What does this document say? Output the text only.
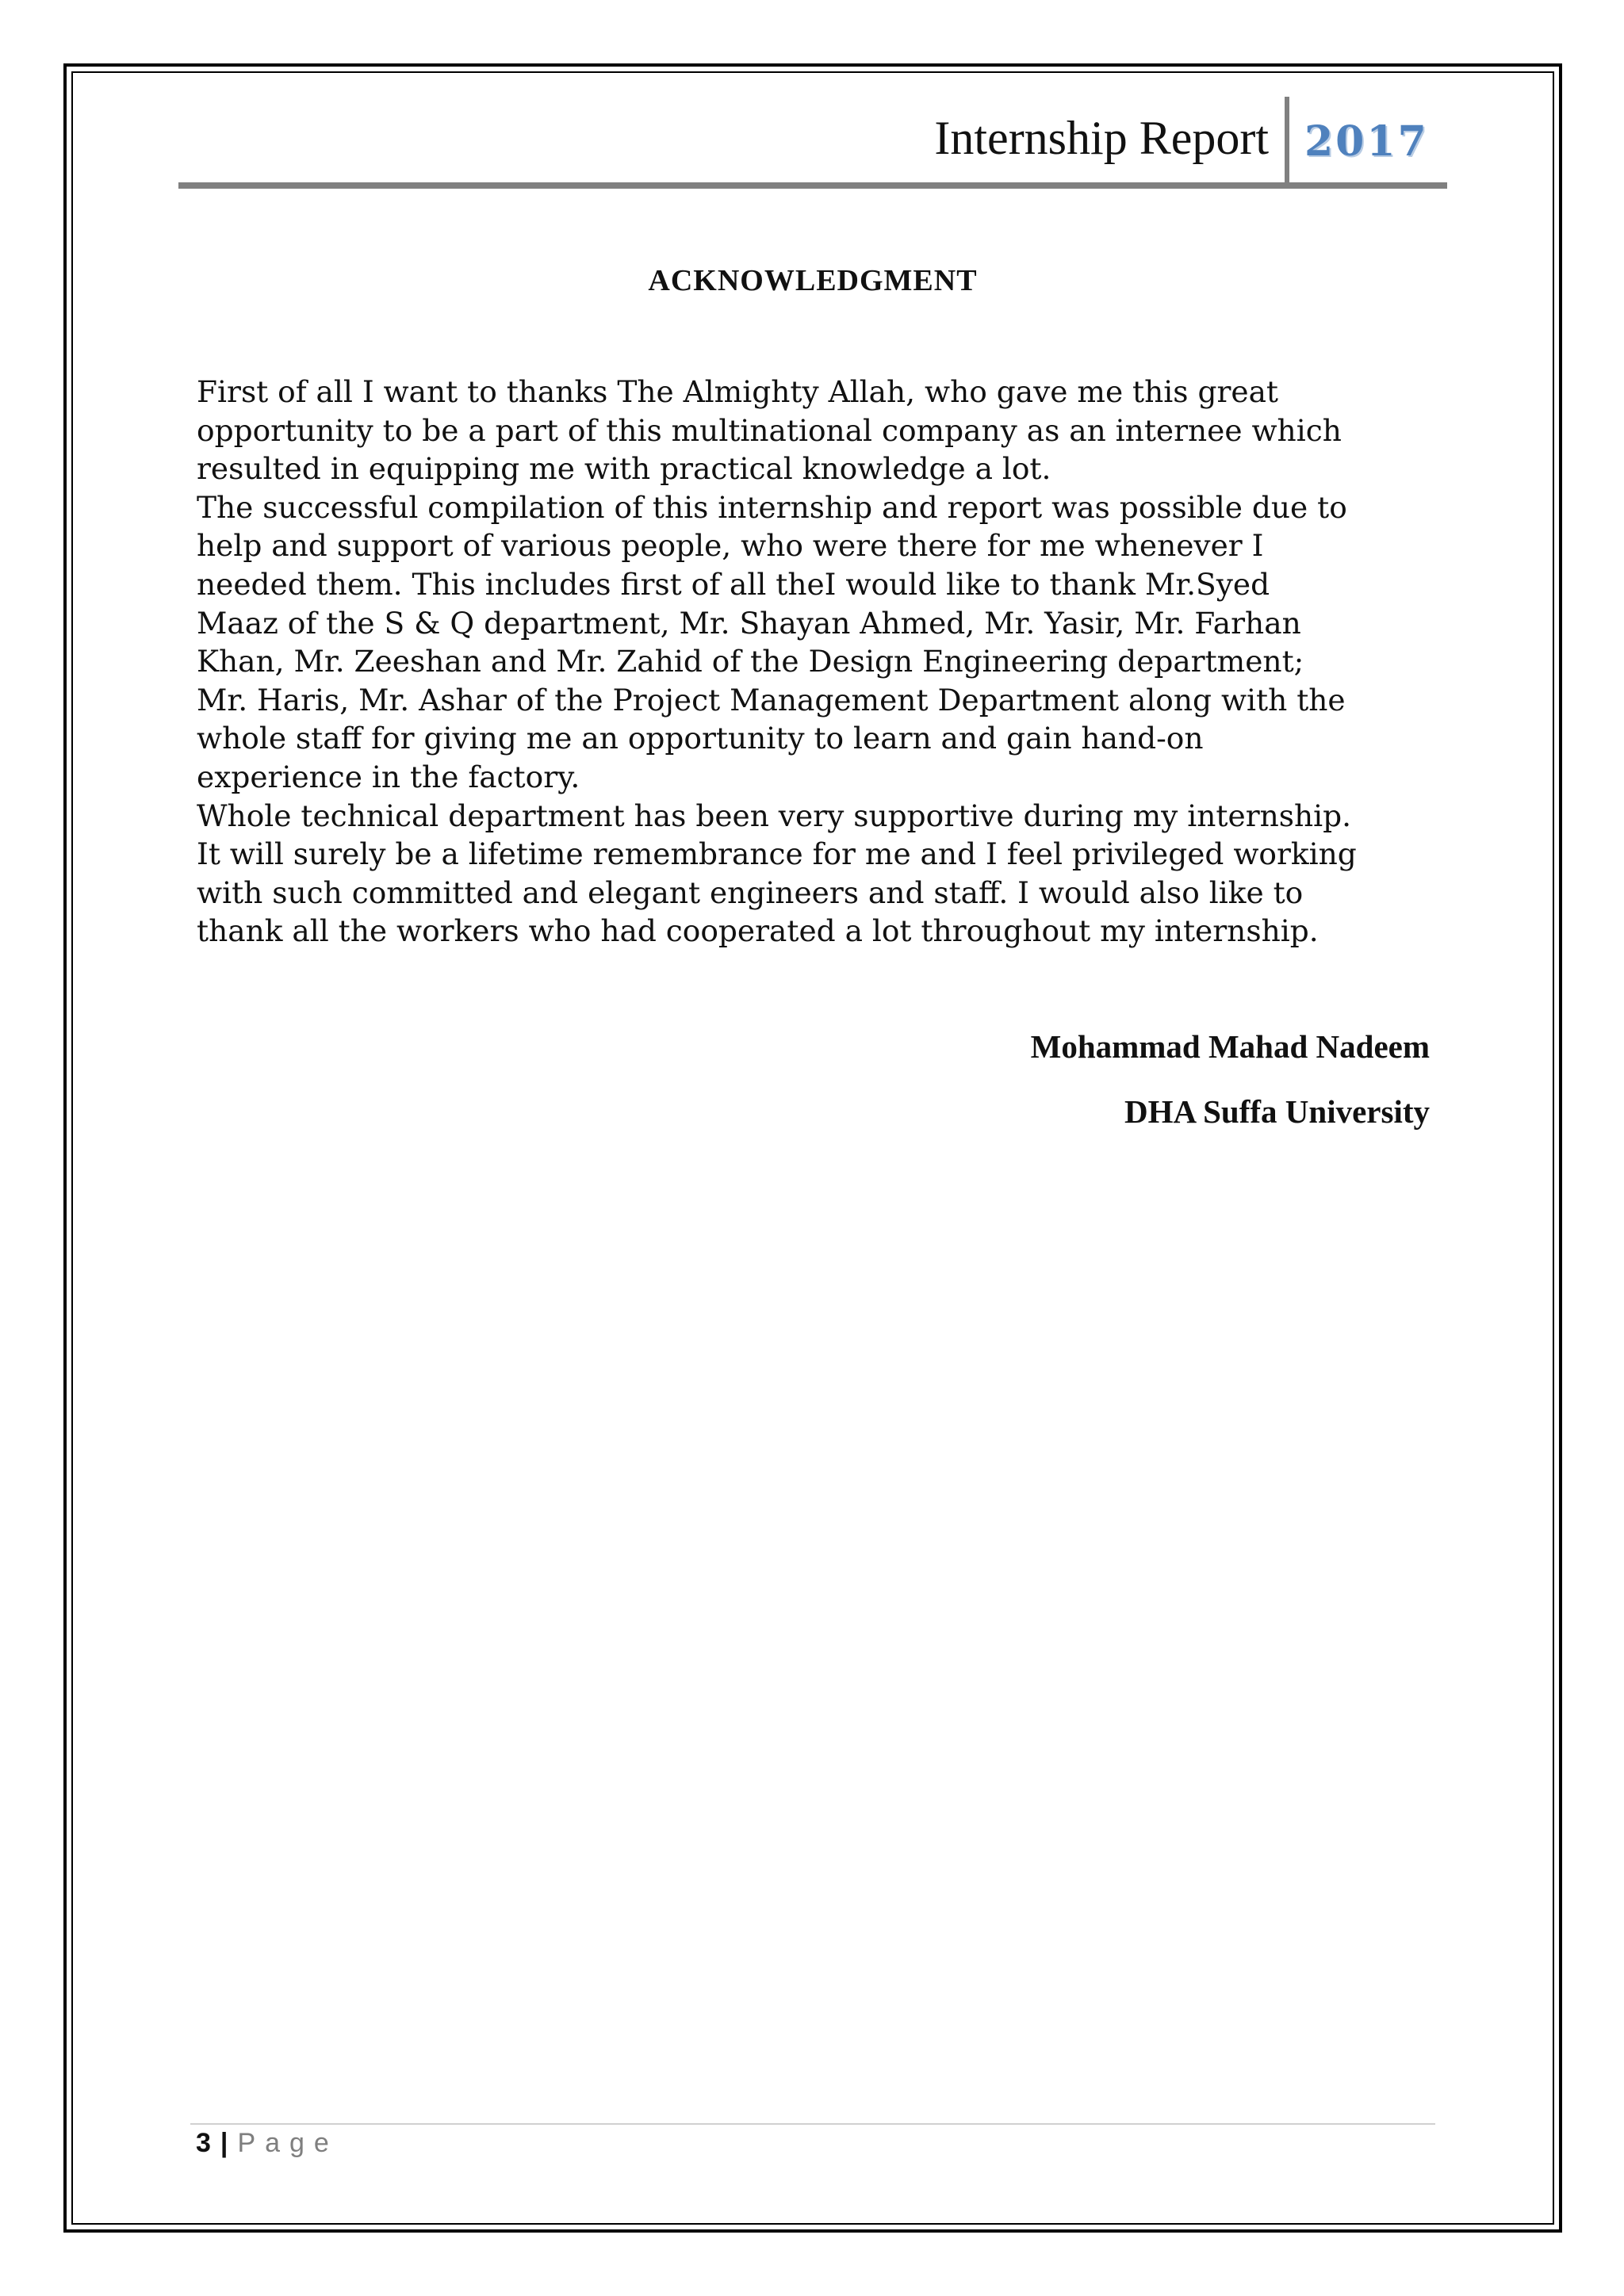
Internship Report 2017
ACKNOWLEDGMENT

First of all I want to thanks The Almighty Allah, who gave me this great

opportunity to be a part of this multinational company as an internee which

resulted in equipping me with practical knowledge a lot.

The successful compilation of this internship and report was possible due to

help and support of various people, who were there for me whenever I

needed them. This includes first of all theI would like to thank Mr.Syed

Maaz of the S & Q department, Mr. Shayan Ahmed, Mr. Yasir, Mr. Farhan

Khan, Mr. Zeeshan and Mr. Zahid of the Design Engineering department;

Mr. Haris, Mr. Ashar of the Project Management Department along with the

whole staff for giving me an opportunity to learn and gain hand-on

experience in the factory.

Whole technical department has been very supportive during my internship.

It will surely be a lifetime remembrance for me and I feel privileged working

with such committed and elegant engineers and staff. I would also like to

thank all the workers who had cooperated a lot throughout my internship.

Mohammad Mahad Nadeem
DHA Suffa University
3 | Page
